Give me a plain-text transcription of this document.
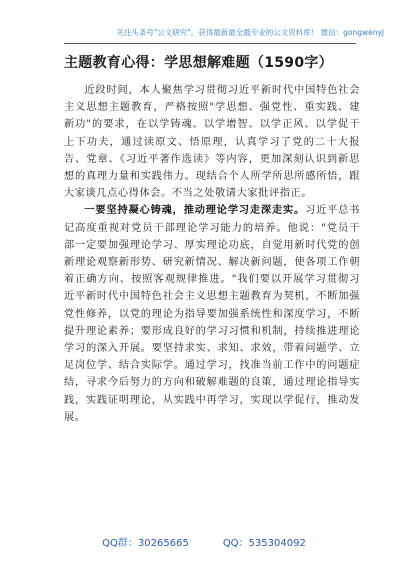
关注头条号"公文研究"，获得最新最全最专业的公文资料库！ 微信：gongwenyj
主题教育心得：学思想解难题（1590字）

近段时间，本人聚焦学习贯彻习近平新时代中国特色社会主义思想主题教育，严格按照"学思想、强党性、重实践、建新功"的要求，在以学铸魂、以学增智、以学正风、以学促干上下功夫，通过读原文、悟原理，认真学习了党的二十大报告、党章、《习近平著作选读》等内容，更加深刻认识到新思想的真理力量和实践伟力。现结合个人所学所思所感所悟，跟大家谈几点心得体会。不当之处敬请大家批评指正。

一要坚持凝心铸魂，推动理论学习走深走实。习近平总书记高度重视对党员干部理论学习能力的培养。他说："党员干部一定要加强理论学习、厚实理论功底，自觉用新时代党的创新理论观察新形势、研究新情况、解决新问题，使各项工作朝着正确方向、按照客观规律推进。"我们要以开展学习贯彻习近平新时代中国特色社会主义思想主题教育为契机，不断加强党性修养，以党的理论为指导要加强系统性和深度学习，不断提升理论素养；要形成良好的学习习惯和机制，持续推进理论学习的深入开展。要坚持求实、求知、求效，带着问题学、立足岗位学、结合实际学。通过学习，找准当前工作中的问题症结，寻求今后努力的方向和破解难题的良策，通过理论指导实践，实践证明理论，从实践中再学习，实现以学促行，推动发展。

QQ群：30265665	QQ：535304092
